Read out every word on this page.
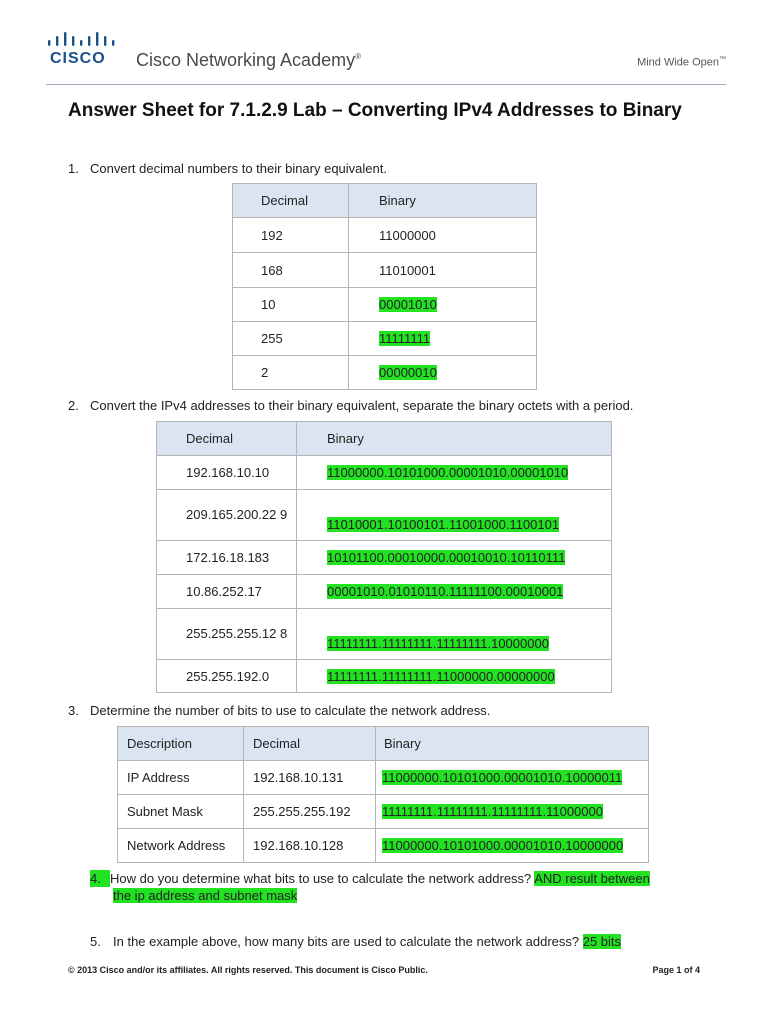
CISCO Cisco Networking Academy®
Mind Wide Open™
Answer Sheet for 7.1.2.9 Lab – Converting IPv4 Addresses to Binary
1. Convert decimal numbers to their binary equivalent.
Decimal	Binary
192	11000000
168	11010001
10	00001010
255	11111111
2	00000010
2. Convert the IPv4 addresses to their binary equivalent, separate the binary octets with a period.
Decimal	Binary
192.168.10.10	11000000.10101000.00001010.00001010

209.165.200.22 9	11010001.10100101.11001000.1100101
172.16.18.183	10101100.00010000.00010010.10110111
10.86.252.17	00001010.01010110.11111100.00010001

255.255.255.12 8	11111111.11111111.11111111.10000000
255.255.192.0	11111111.11111111.11000000.00000000
3. Determine the number of bits to use to calculate the network address.
Description	Decimal	Binary
IP Address	192.168.10.131	11000000.10101000.00001010.10000011
Subnet Mask	255.255.255.192	11111111.11111111.11111111.11000000
Network Address	192.168.10.128	11000000.10101000.00001010.10000000
4. How do you determine what bits to use to calculate the network address? AND result between
the ip address and subnet mask
5. In the example above, how many bits are used to calculate the network address? 25 bits
© 2013 Cisco and/or its affiliates. All rights reserved. This document is Cisco Public.	Page 1 of 4
